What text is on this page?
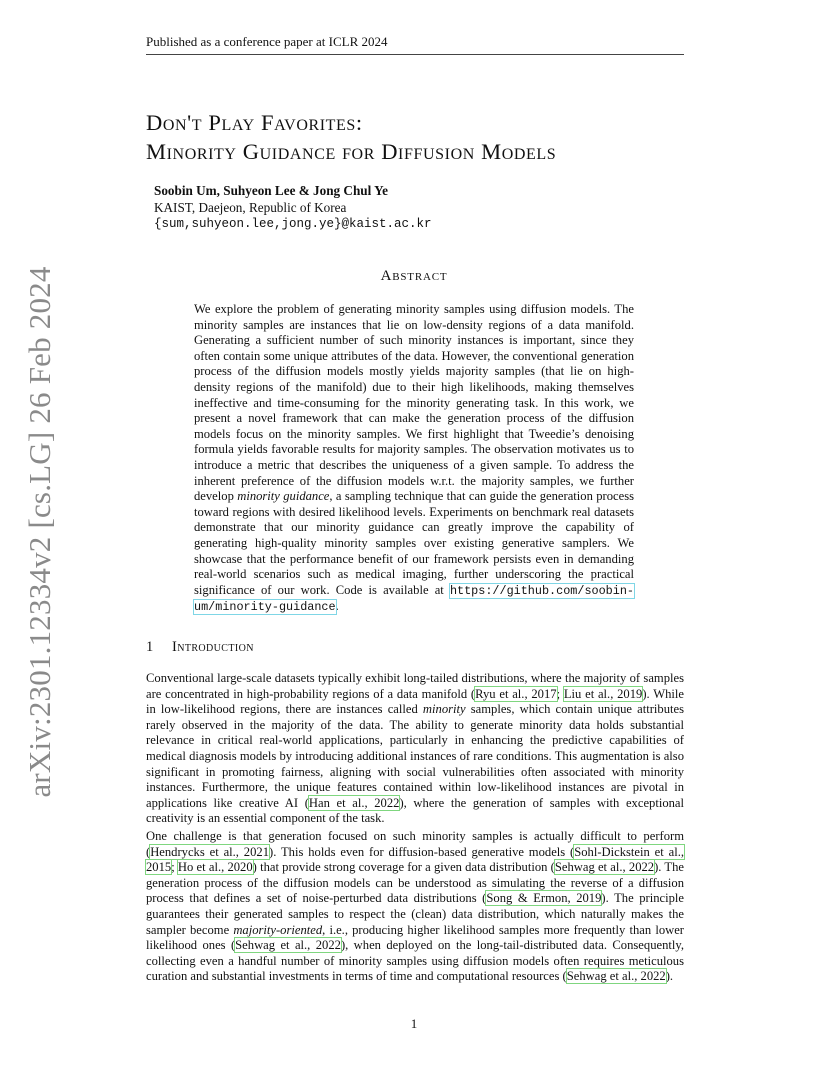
Published as a conference paper at ICLR 2024
arXiv:2301.12334v2 [cs.LG] 26 Feb 2024
Don't Play Favorites:
Minority Guidance for Diffusion Models
Soobin Um, Suhyeon Lee & Jong Chul Ye
KAIST, Daejeon, Republic of Korea
{sum,suhyeon.lee,jong.ye}@kaist.ac.kr
Abstract
We explore the problem of generating minority samples using diffusion models. The minority samples are instances that lie on low-density regions of a data manifold. Generating a sufficient number of such minority instances is important, since they often contain some unique attributes of the data. However, the conventional generation process of the diffusion models mostly yields majority samples (that lie on high-density regions of the manifold) due to their high likelihoods, making themselves ineffective and time-consuming for the minority generating task. In this work, we present a novel framework that can make the generation process of the diffusion models focus on the minority samples. We first highlight that Tweedie’s denoising formula yields favorable results for majority samples. The observation motivates us to introduce a metric that describes the uniqueness of a given sample. To address the inherent preference of the diffusion models w.r.t. the majority samples, we further develop minority guidance, a sampling technique that can guide the generation process toward regions with desired likelihood levels. Experiments on benchmark real datasets demonstrate that our minority guidance can greatly improve the capability of generating high-quality minority samples over existing generative samplers. We showcase that the performance benefit of our framework persists even in demanding real-world scenarios such as medical imaging, further underscoring the practical significance of our work. Code is available at https://github.com/soobin-um/minority-guidance.
1 Introduction
Conventional large-scale datasets typically exhibit long-tailed distributions, where the majority of samples are concentrated in high-probability regions of a data manifold (Ryu et al., 2017; Liu et al., 2019). While in low-likelihood regions, there are instances called minority samples, which contain unique attributes rarely observed in the majority of the data. The ability to generate minority data holds substantial relevance in critical real-world applications, particularly in enhancing the predictive capabilities of medical diagnosis models by introducing additional instances of rare conditions. This augmentation is also significant in promoting fairness, aligning with social vulnerabilities often associated with minority instances. Furthermore, the unique features contained within low-likelihood instances are pivotal in applications like creative AI (Han et al., 2022), where the generation of samples with exceptional creativity is an essential component of the task.
One challenge is that generation focused on such minority samples is actually difficult to perform (Hendrycks et al., 2021). This holds even for diffusion-based generative models (Sohl-Dickstein et al., 2015; Ho et al., 2020) that provide strong coverage for a given data distribution (Sehwag et al., 2022). The generation process of the diffusion models can be understood as simulating the reverse of a diffusion process that defines a set of noise-perturbed data distributions (Song & Ermon, 2019). The principle guarantees their generated samples to respect the (clean) data distribution, which naturally makes the sampler become majority-oriented, i.e., producing higher likelihood samples more frequently than lower likelihood ones (Sehwag et al., 2022), when deployed on the long-tail-distributed data. Consequently, collecting even a handful number of minority samples using diffusion models often requires meticulous curation and substantial investments in terms of time and computational resources (Sehwag et al., 2022).
1
